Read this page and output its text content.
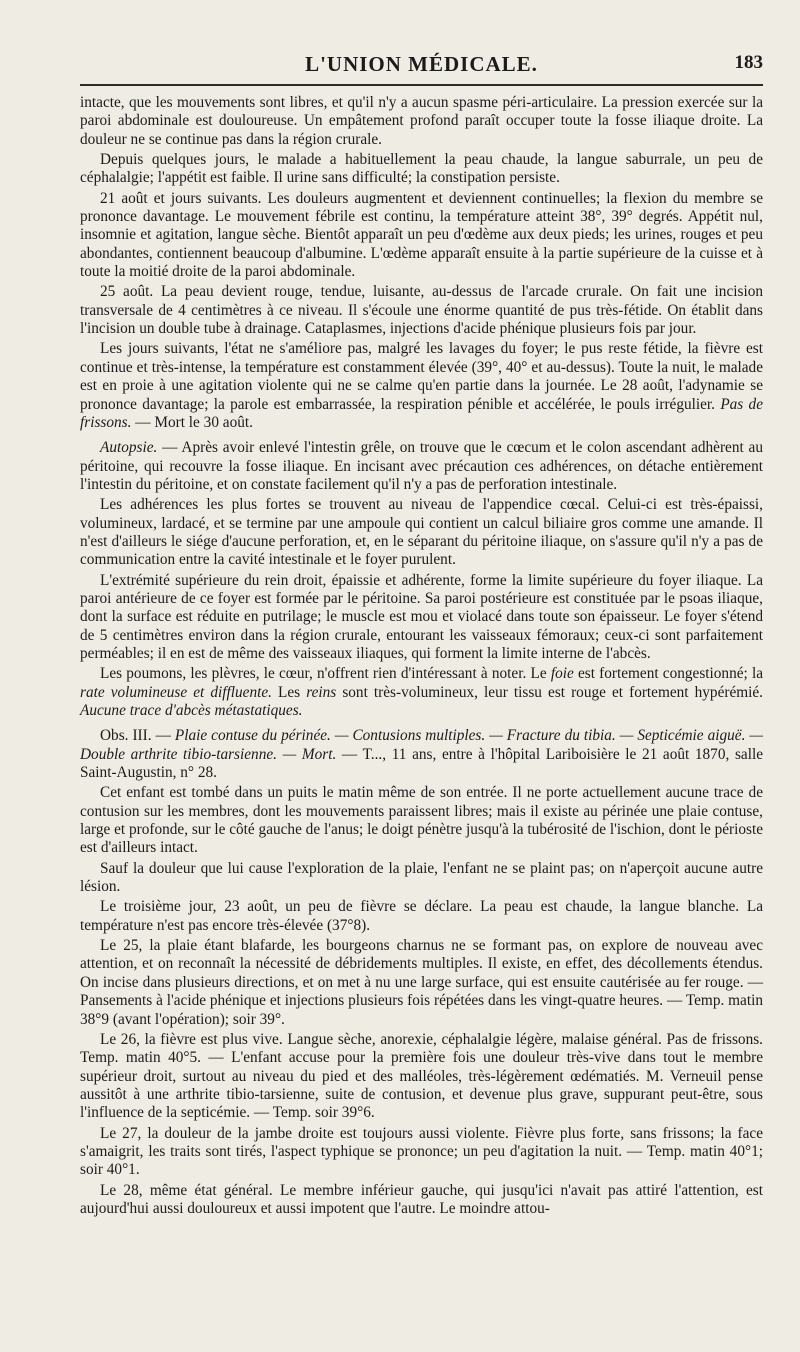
L'UNION MÉDICALE.	183

intacte, que les mouvements sont libres, et qu'il n'y a aucun spasme péri-articulaire. La pression exercée sur la paroi abdominale est douloureuse. Un empâtement profond paraît occuper toute la fosse iliaque droite. La douleur ne se continue pas dans la région crurale.

Depuis quelques jours, le malade a habituellement la peau chaude, la langue saburrale, un peu de céphalalgie; l'appétit est faible. Il urine sans difficulté; la constipation persiste.

21 août et jours suivants. Les douleurs augmentent et deviennent continuelles; la flexion du membre se prononce davantage. Le mouvement fébrile est continu, la température atteint 38°, 39° degrés. Appétit nul, insomnie et agitation, langue sèche. Bientôt apparaît un peu d'œdème aux deux pieds; les urines, rouges et peu abondantes, contiennent beaucoup d'albumine. L'œdème apparaît ensuite à la partie supérieure de la cuisse et à toute la moitié droite de la paroi abdominale.

25 août. La peau devient rouge, tendue, luisante, au-dessus de l'arcade crurale. On fait une incision transversale de 4 centimètres à ce niveau. Il s'écoule une énorme quantité de pus très-fétide. On établit dans l'incision un double tube à drainage. Cataplasmes, injections d'acide phénique plusieurs fois par jour.

Les jours suivants, l'état ne s'améliore pas, malgré les lavages du foyer; le pus reste fétide, la fièvre est continue et très-intense, la température est constamment élevée (39°, 40° et au-dessus). Toute la nuit, le malade est en proie à une agitation violente qui ne se calme qu'en partie dans la journée. Le 28 août, l'adynamie se prononce davantage; la parole est embarrassée, la respiration pénible et accélérée, le pouls irrégulier. Pas de frissons. — Mort le 30 août.

Autopsie. — Après avoir enlevé l'intestin grêle, on trouve que le cœcum et le colon ascendant adhèrent au péritoine, qui recouvre la fosse iliaque. En incisant avec précaution ces adhérences, on détache entièrement l'intestin du péritoine, et on constate facilement qu'il n'y a pas de perforation intestinale.

Les adhérences les plus fortes se trouvent au niveau de l'appendice cœcal. Celui-ci est très-épaissi, volumineux, lardacé, et se termine par une ampoule qui contient un calcul biliaire gros comme une amande. Il n'est d'ailleurs le siége d'aucune perforation, et, en le séparant du péritoine iliaque, on s'assure qu'il n'y a pas de communication entre la cavité intestinale et le foyer purulent.

L'extrémité supérieure du rein droit, épaissie et adhérente, forme la limite supérieure du foyer iliaque. La paroi antérieure de ce foyer est formée par le péritoine. Sa paroi postérieure est constituée par le psoas iliaque, dont la surface est réduite en putrilage; le muscle est mou et violacé dans toute son épaisseur. Le foyer s'étend de 5 centimètres environ dans la région crurale, entourant les vaisseaux fémoraux; ceux-ci sont parfaitement perméables; il en est de même des vaisseaux iliaques, qui forment la limite interne de l'abcès.

Les poumons, les plèvres, le cœur, n'offrent rien d'intéressant à noter. Le foie est fortement congestionné; la rate volumineuse et diffluente. Les reins sont très-volumineux, leur tissu est rouge et fortement hypérémié. Aucune trace d'abcès métastatiques.

Obs. III. — Plaie contuse du périnée. — Contusions multiples. — Fracture du tibia. — Septicémie aiguë. — Double arthrite tibio-tarsienne. — Mort. — T..., 11 ans, entre à l'hôpital Lariboisière le 21 août 1870, salle Saint-Augustin, n° 28.

Cet enfant est tombé dans un puits le matin même de son entrée. Il ne porte actuellement aucune trace de contusion sur les membres, dont les mouvements paraissent libres; mais il existe au périnée une plaie contuse, large et profonde, sur le côté gauche de l'anus; le doigt pénètre jusqu'à la tubérosité de l'ischion, dont le périoste est d'ailleurs intact.

Sauf la douleur que lui cause l'exploration de la plaie, l'enfant ne se plaint pas; on n'aperçoit aucune autre lésion.

Le troisième jour, 23 août, un peu de fièvre se déclare. La peau est chaude, la langue blanche. La température n'est pas encore très-élevée (37°8).

Le 25, la plaie étant blafarde, les bourgeons charnus ne se formant pas, on explore de nouveau avec attention, et on reconnaît la nécessité de débridements multiples. Il existe, en effet, des décollements étendus. On incise dans plusieurs directions, et on met à nu une large surface, qui est ensuite cautérisée au fer rouge. — Pansements à l'acide phénique et injections plusieurs fois répétées dans les vingt-quatre heures. — Temp. matin 38°9 (avant l'opération); soir 39°.

Le 26, la fièvre est plus vive. Langue sèche, anorexie, céphalalgie légère, malaise général. Pas de frissons. Temp. matin 40°5. — L'enfant accuse pour la première fois une douleur très-vive dans tout le membre supérieur droit, surtout au niveau du pied et des malléoles, très-légèrement œdématiés. M. Verneuil pense aussitôt à une arthrite tibio-tarsienne, suite de contusion, et devenue plus grave, suppurant peut-être, sous l'influence de la septicémie. — Temp. soir 39°6.

Le 27, la douleur de la jambe droite est toujours aussi violente. Fièvre plus forte, sans frissons; la face s'amaigrit, les traits sont tirés, l'aspect typhique se prononce; un peu d'agitation la nuit. — Temp. matin 40°1; soir 40°1.

Le 28, même état général. Le membre inférieur gauche, qui jusqu'ici n'avait pas attiré l'attention, est aujourd'hui aussi douloureux et aussi impotent que l'autre. Le moindre attou-
